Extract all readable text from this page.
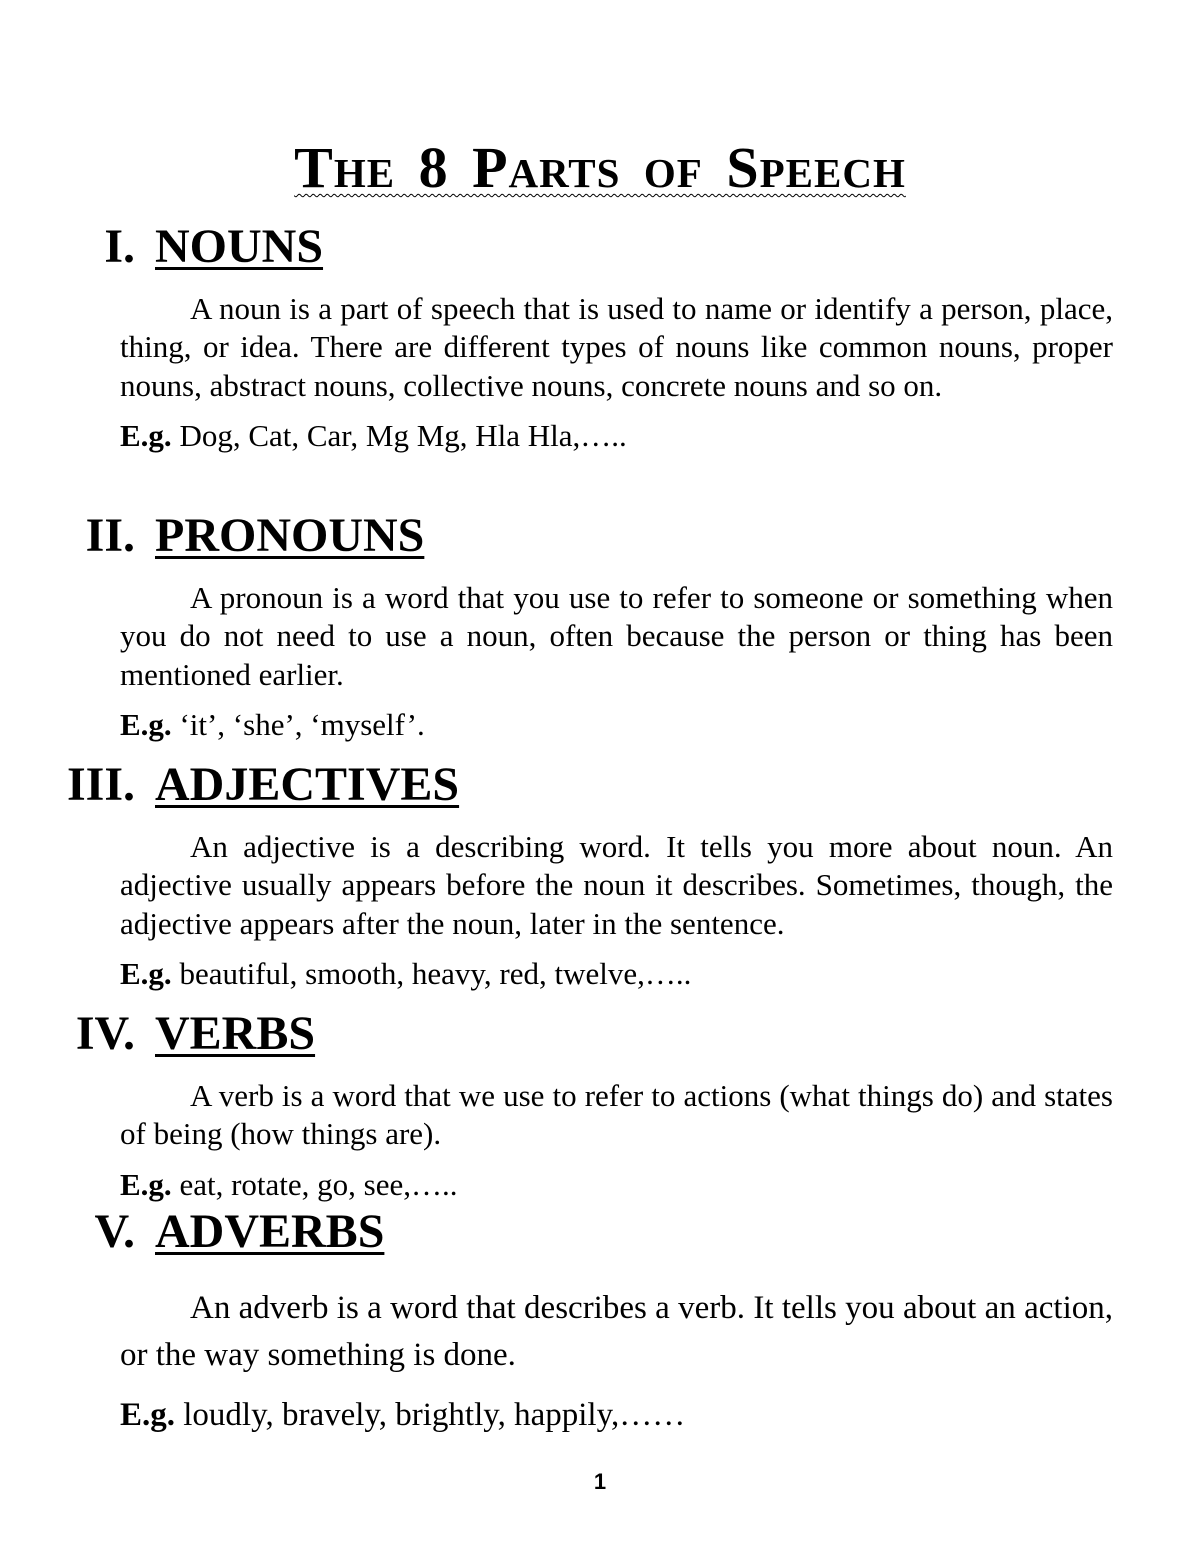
The 8 Parts of Speech
I. NOUNS

A noun is a part of speech that is used to name or identify a person, place, thing, or idea. There are different types of nouns like common nouns, proper nouns, abstract nouns, collective nouns, concrete nouns and so on.

E.g. Dog, Cat, Car, Mg Mg, Hla Hla,…..

II. PRONOUNS

A pronoun is a word that you use to refer to someone or something when you do not need to use a noun, often because the person or thing has been mentioned earlier.

E.g. ‘it’, ‘she’, ‘myself’.

III. ADJECTIVES

An adjective is a describing word. It tells you more about noun. An adjective usually appears before the noun it describes. Sometimes, though, the adjective appears after the noun, later in the sentence.

E.g. beautiful, smooth, heavy, red, twelve,…..

IV. VERBS

A verb is a word that we use to refer to actions (what things do) and states of being (how things are).

E.g. eat, rotate, go, see,…..

V. ADVERBS

An adverb is a word that describes a verb. It tells you about an action, or the way something is done.

E.g. loudly, bravely, brightly, happily,……

1
